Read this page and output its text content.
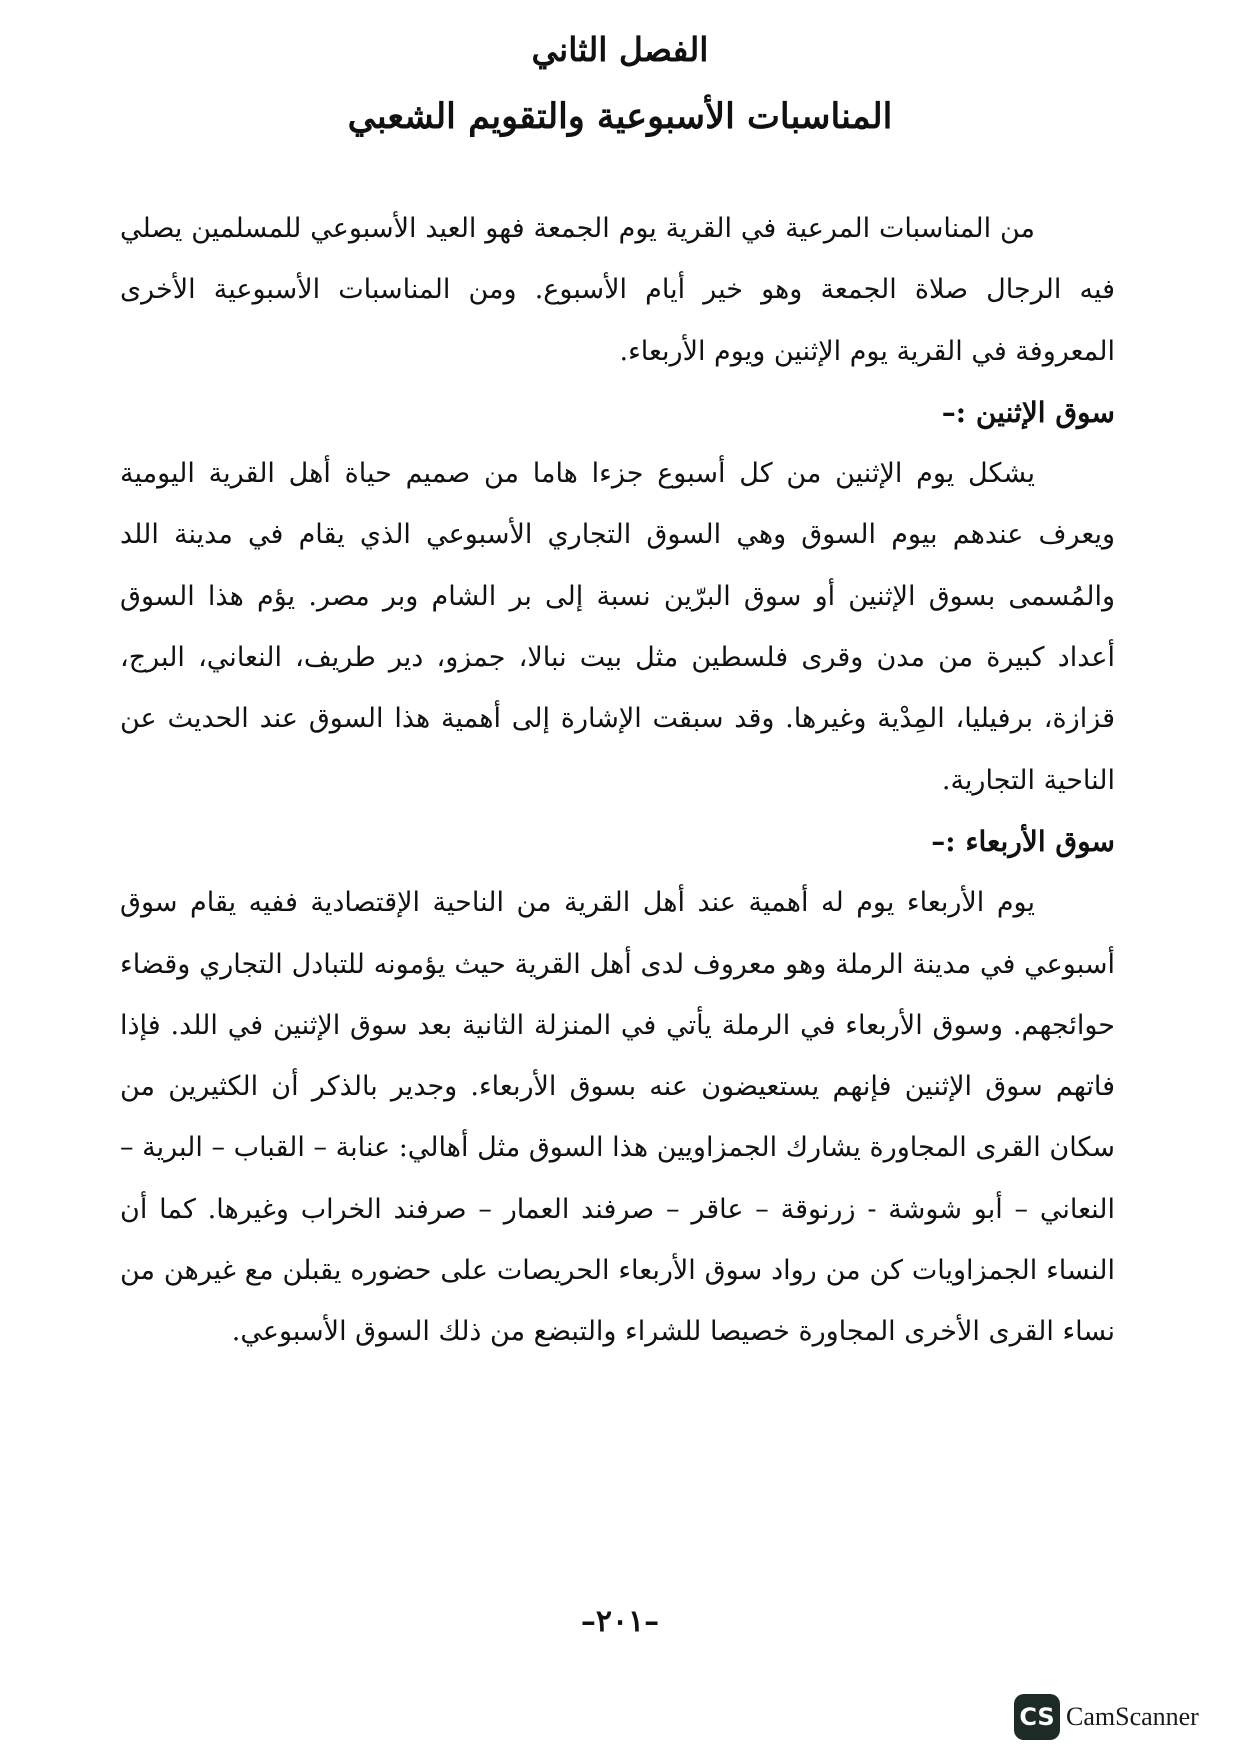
الفصل الثاني
المناسبات الأسبوعية والتقويم الشعبي

من المناسبات المرعية في القرية يوم الجمعة فهو العيد الأسبوعي للمسلمين يصلي فيه الرجال صلاة الجمعة وهو خير أيام الأسبوع. ومن المناسبات الأسبوعية الأخرى المعروفة في القرية يوم الإثنين ويوم الأربعاء.

سوق الإثنين :–

يشكل يوم الإثنين من كل أسبوع جزءا هاما من صميم حياة أهل القرية اليومية ويعرف عندهم بيوم السوق وهي السوق التجاري الأسبوعي الذي يقام في مدينة اللد والمُسمى بسوق الإثنين أو سوق البرّين نسبة إلى بر الشام وبر مصر. يؤم هذا السوق أعداد كبيرة من مدن وقرى فلسطين مثل بيت نبالا، جمزو، دير طريف، النعاني، البرج، قزازة، برفيليا، المِدْية وغيرها. وقد سبقت الإشارة إلى أهمية هذا السوق عند الحديث عن الناحية التجارية.

سوق الأربعاء :–

يوم الأربعاء يوم له أهمية عند أهل القرية من الناحية الإقتصادية ففيه يقام سوق أسبوعي في مدينة الرملة وهو معروف لدى أهل القرية حيث يؤمونه للتبادل التجاري وقضاء حوائجهم. وسوق الأربعاء في الرملة يأتي في المنزلة الثانية بعد سوق الإثنين في اللد. فإذا فاتهم سوق الإثنين فإنهم يستعيضون عنه بسوق الأربعاء. وجدير بالذكر أن الكثيرين من سكان القرى المجاورة يشارك الجمزاويين هذا السوق مثل أهالي: عنابة – القباب – البرية – النعاني – أبو شوشة - زرنوقة – عاقر – صرفند العمار – صرفند الخراب وغيرها. كما أن النساء الجمزاويات كن من رواد سوق الأربعاء الحريصات على حضوره يقبلن مع غيرهن من نساء القرى الأخرى المجاورة خصيصا للشراء والتبضع من ذلك السوق الأسبوعي.

–٢٠١–
CS CamScanner
